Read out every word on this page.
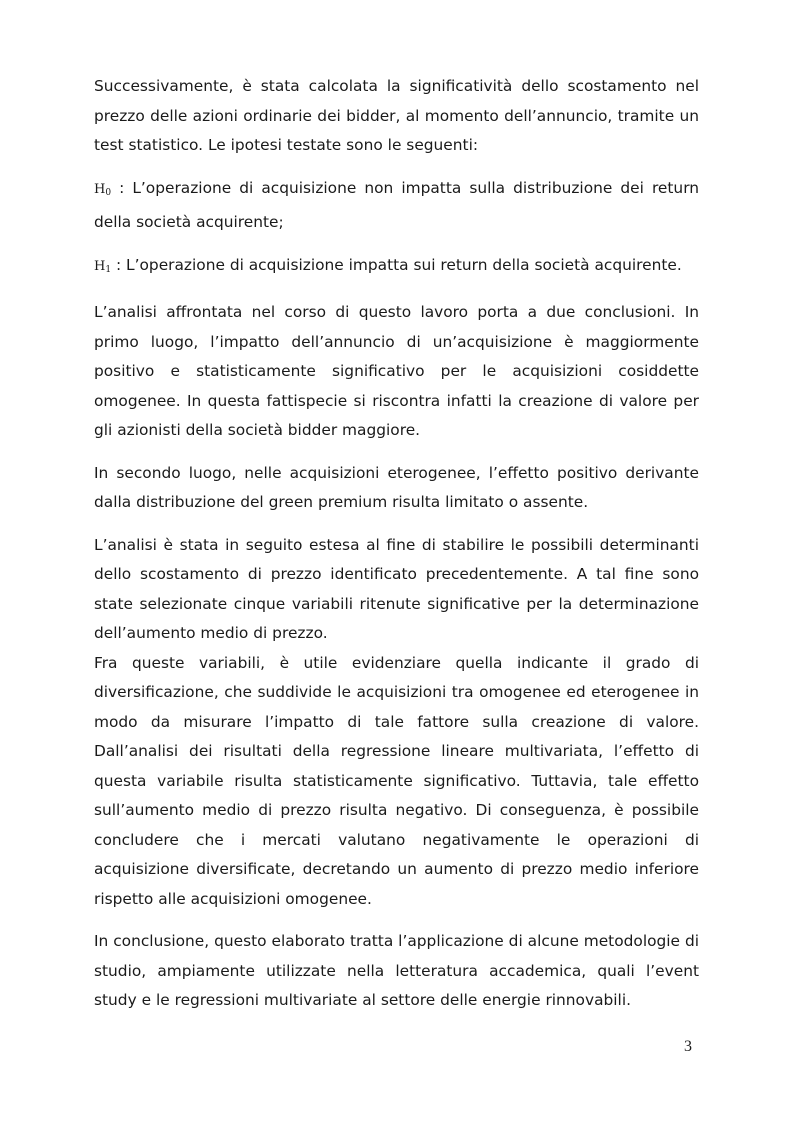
Successivamente, è stata calcolata la significatività dello scostamento nel prezzo delle azioni ordinarie dei bidder, al momento dell’annuncio, tramite un test statistico. Le ipotesi testate sono le seguenti:

$H_0$ : L’operazione di acquisizione non impatta sulla distribuzione dei return della società acquirente;

$H_1$ : L’operazione di acquisizione impatta sui return della società acquirente.

L’analisi affrontata nel corso di questo lavoro porta a due conclusioni. In primo luogo, l’impatto dell’annuncio di un’acquisizione è maggiormente positivo e statisticamente significativo per le acquisizioni cosiddette omogenee. In questa fattispecie si riscontra infatti la creazione di valore per gli azionisti della società bidder maggiore.

In secondo luogo, nelle acquisizioni eterogenee, l’effetto positivo derivante dalla distribuzione del green premium risulta limitato o assente.

L’analisi è stata in seguito estesa al fine di stabilire le possibili determinanti dello scostamento di prezzo identificato precedentemente. A tal fine sono state selezionate cinque variabili ritenute significative per la determinazione dell’aumento medio di prezzo.

Fra queste variabili, è utile evidenziare quella indicante il grado di diversificazione, che suddivide le acquisizioni tra omogenee ed eterogenee in modo da misurare l’impatto di tale fattore sulla creazione di valore. Dall’analisi dei risultati della regressione lineare multivariata, l’effetto di questa variabile risulta statisticamente significativo. Tuttavia, tale effetto sull’aumento medio di prezzo risulta negativo. Di conseguenza, è possibile concludere che i mercati valutano negativamente le operazioni di acquisizione diversificate, decretando un aumento di prezzo medio inferiore rispetto alle acquisizioni omogenee.

In conclusione, questo elaborato tratta l’applicazione di alcune metodologie di studio, ampiamente utilizzate nella letteratura accademica, quali l’event study e le regressioni multivariate al settore delle energie rinnovabili.

3
